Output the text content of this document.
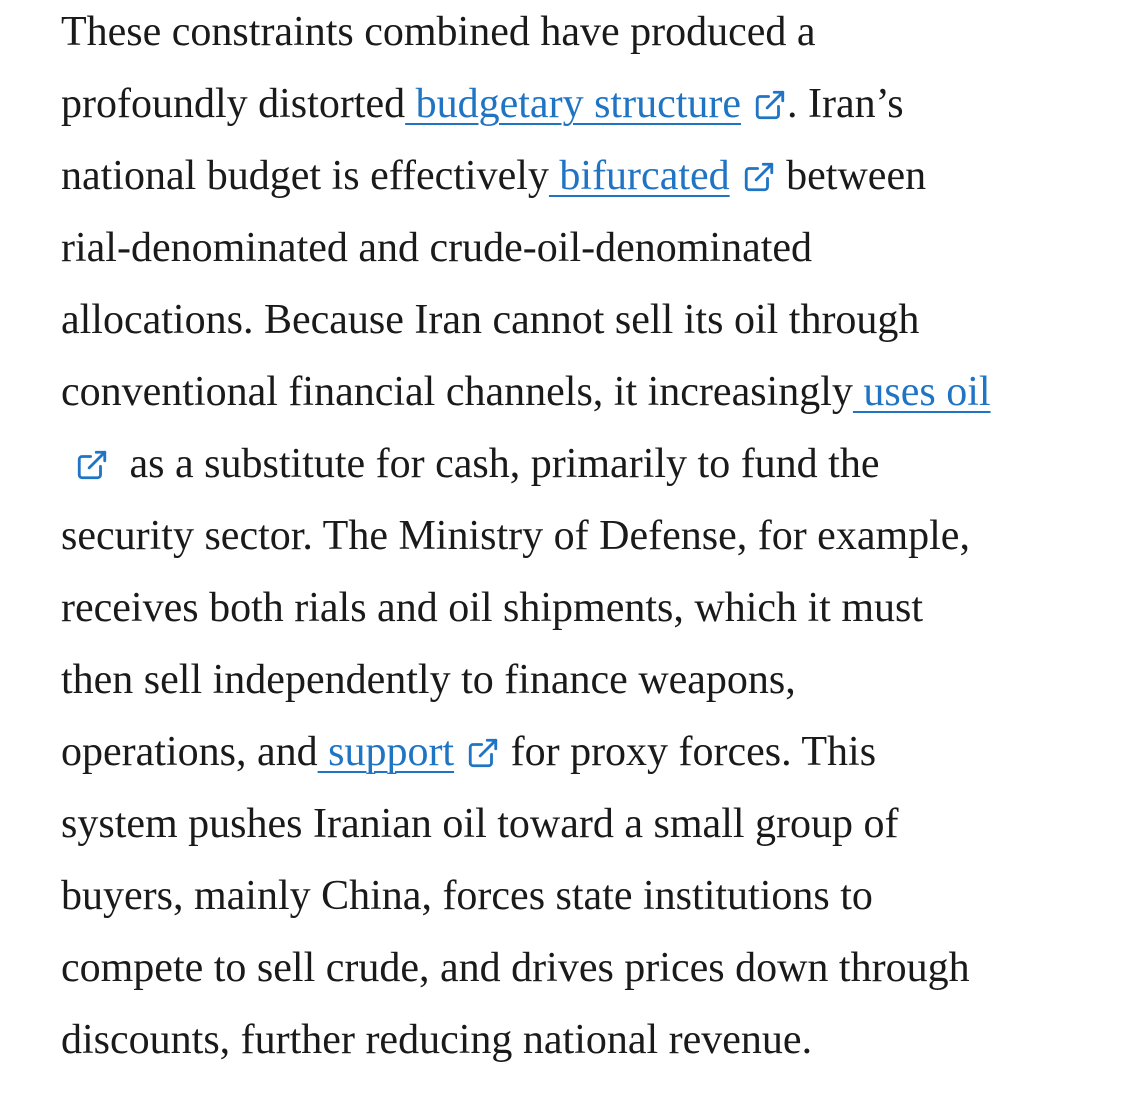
These constraints combined have produced a
profoundly distorted budgetary structure . Iran’s
national budget is effectively bifurcated
between
rial-denominated and crude-oil-denominated
allocations. Because Iran cannot sell its oil through
conventional financial channels, it increasingly uses oil
as a substitute for cash, primarily to fund the
security sector. The Ministry of Defense, for example,
receives both rials and oil shipments, which it must
then sell independently to finance weapons,
operations, and support
for proxy forces. This
system pushes Iranian oil toward a small group of
buyers, mainly China, forces state institutions to
compete to sell crude, and drives prices down through
discounts, further reducing national revenue.
